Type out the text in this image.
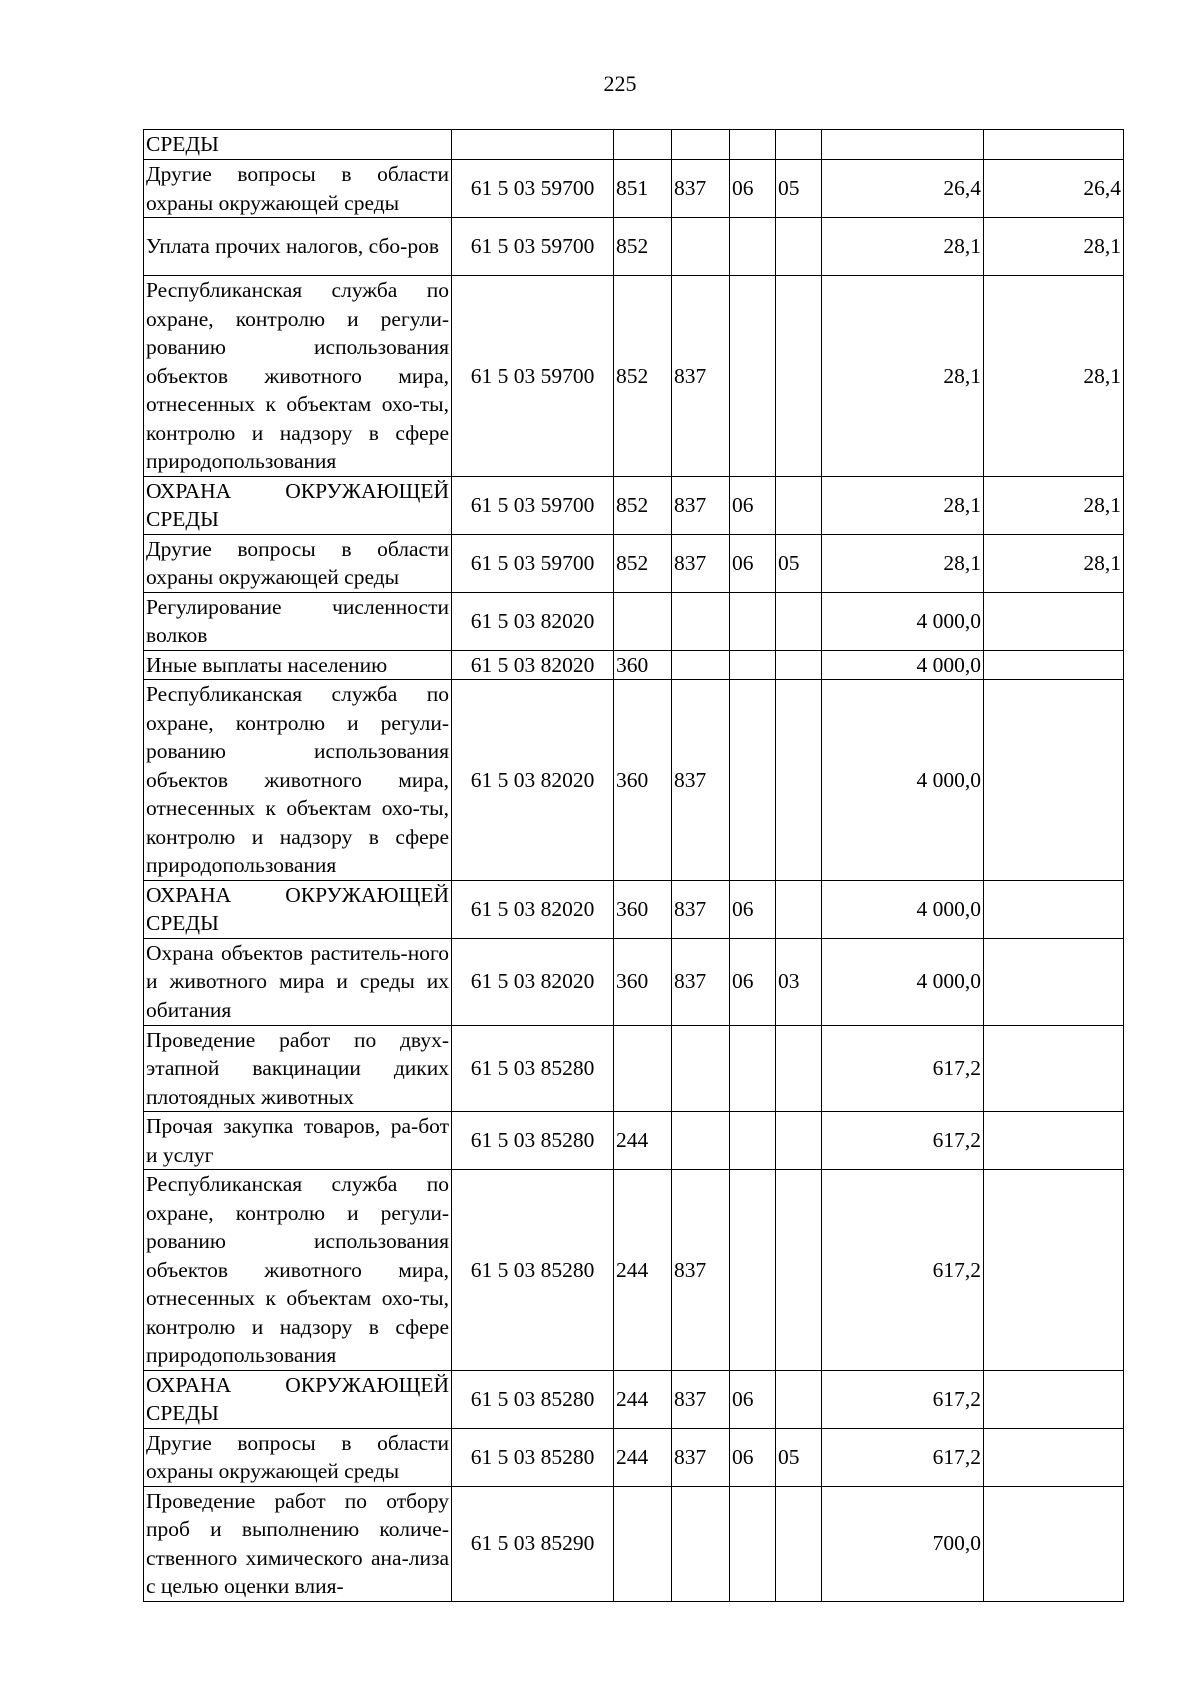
225
СРЕДЫ							
Другие вопросы в области охраны окружающей среды	61 5 03 59700	851	837	06	05	26,4	26,4
Уплата прочих налогов, сбо-ров	61 5 03 59700	852				28,1	28,1
Республиканская служба по охране, контролю и регули-рованию использования объектов животного мира, отнесенных к объектам охо-ты, контролю и надзору в сфере природопользования	61 5 03 59700	852	837			28,1	28,1
ОХРАНА ОКРУЖАЮЩЕЙ СРЕДЫ	61 5 03 59700	852	837	06		28,1	28,1
Другие вопросы в области охраны окружающей среды	61 5 03 59700	852	837	06	05	28,1	28,1
Регулирование численности волков	61 5 03 82020					4 000,0	
Иные выплаты населению	61 5 03 82020	360				4 000,0	
Республиканская служба по охране, контролю и регули-рованию использования объектов животного мира, отнесенных к объектам охо-ты, контролю и надзору в сфере природопользования	61 5 03 82020	360	837			4 000,0	
ОХРАНА ОКРУЖАЮЩЕЙ СРЕДЫ	61 5 03 82020	360	837	06		4 000,0	
Охрана объектов раститель-ного и животного мира и среды их обитания	61 5 03 82020	360	837	06	03	4 000,0	
Проведение работ по двух-этапной вакцинации диких плотоядных животных	61 5 03 85280					617,2	
Прочая закупка товаров, ра-бот и услуг	61 5 03 85280	244				617,2	
Республиканская служба по охране, контролю и регули-рованию использования объектов животного мира, отнесенных к объектам охо-ты, контролю и надзору в сфере природопользования	61 5 03 85280	244	837			617,2	
ОХРАНА ОКРУЖАЮЩЕЙ СРЕДЫ	61 5 03 85280	244	837	06		617,2	
Другие вопросы в области охраны окружающей среды	61 5 03 85280	244	837	06	05	617,2	
Проведение работ по отбору проб и выполнению количе-ственного химического ана-лиза с целью оценки влия-	61 5 03 85290					700,0	
